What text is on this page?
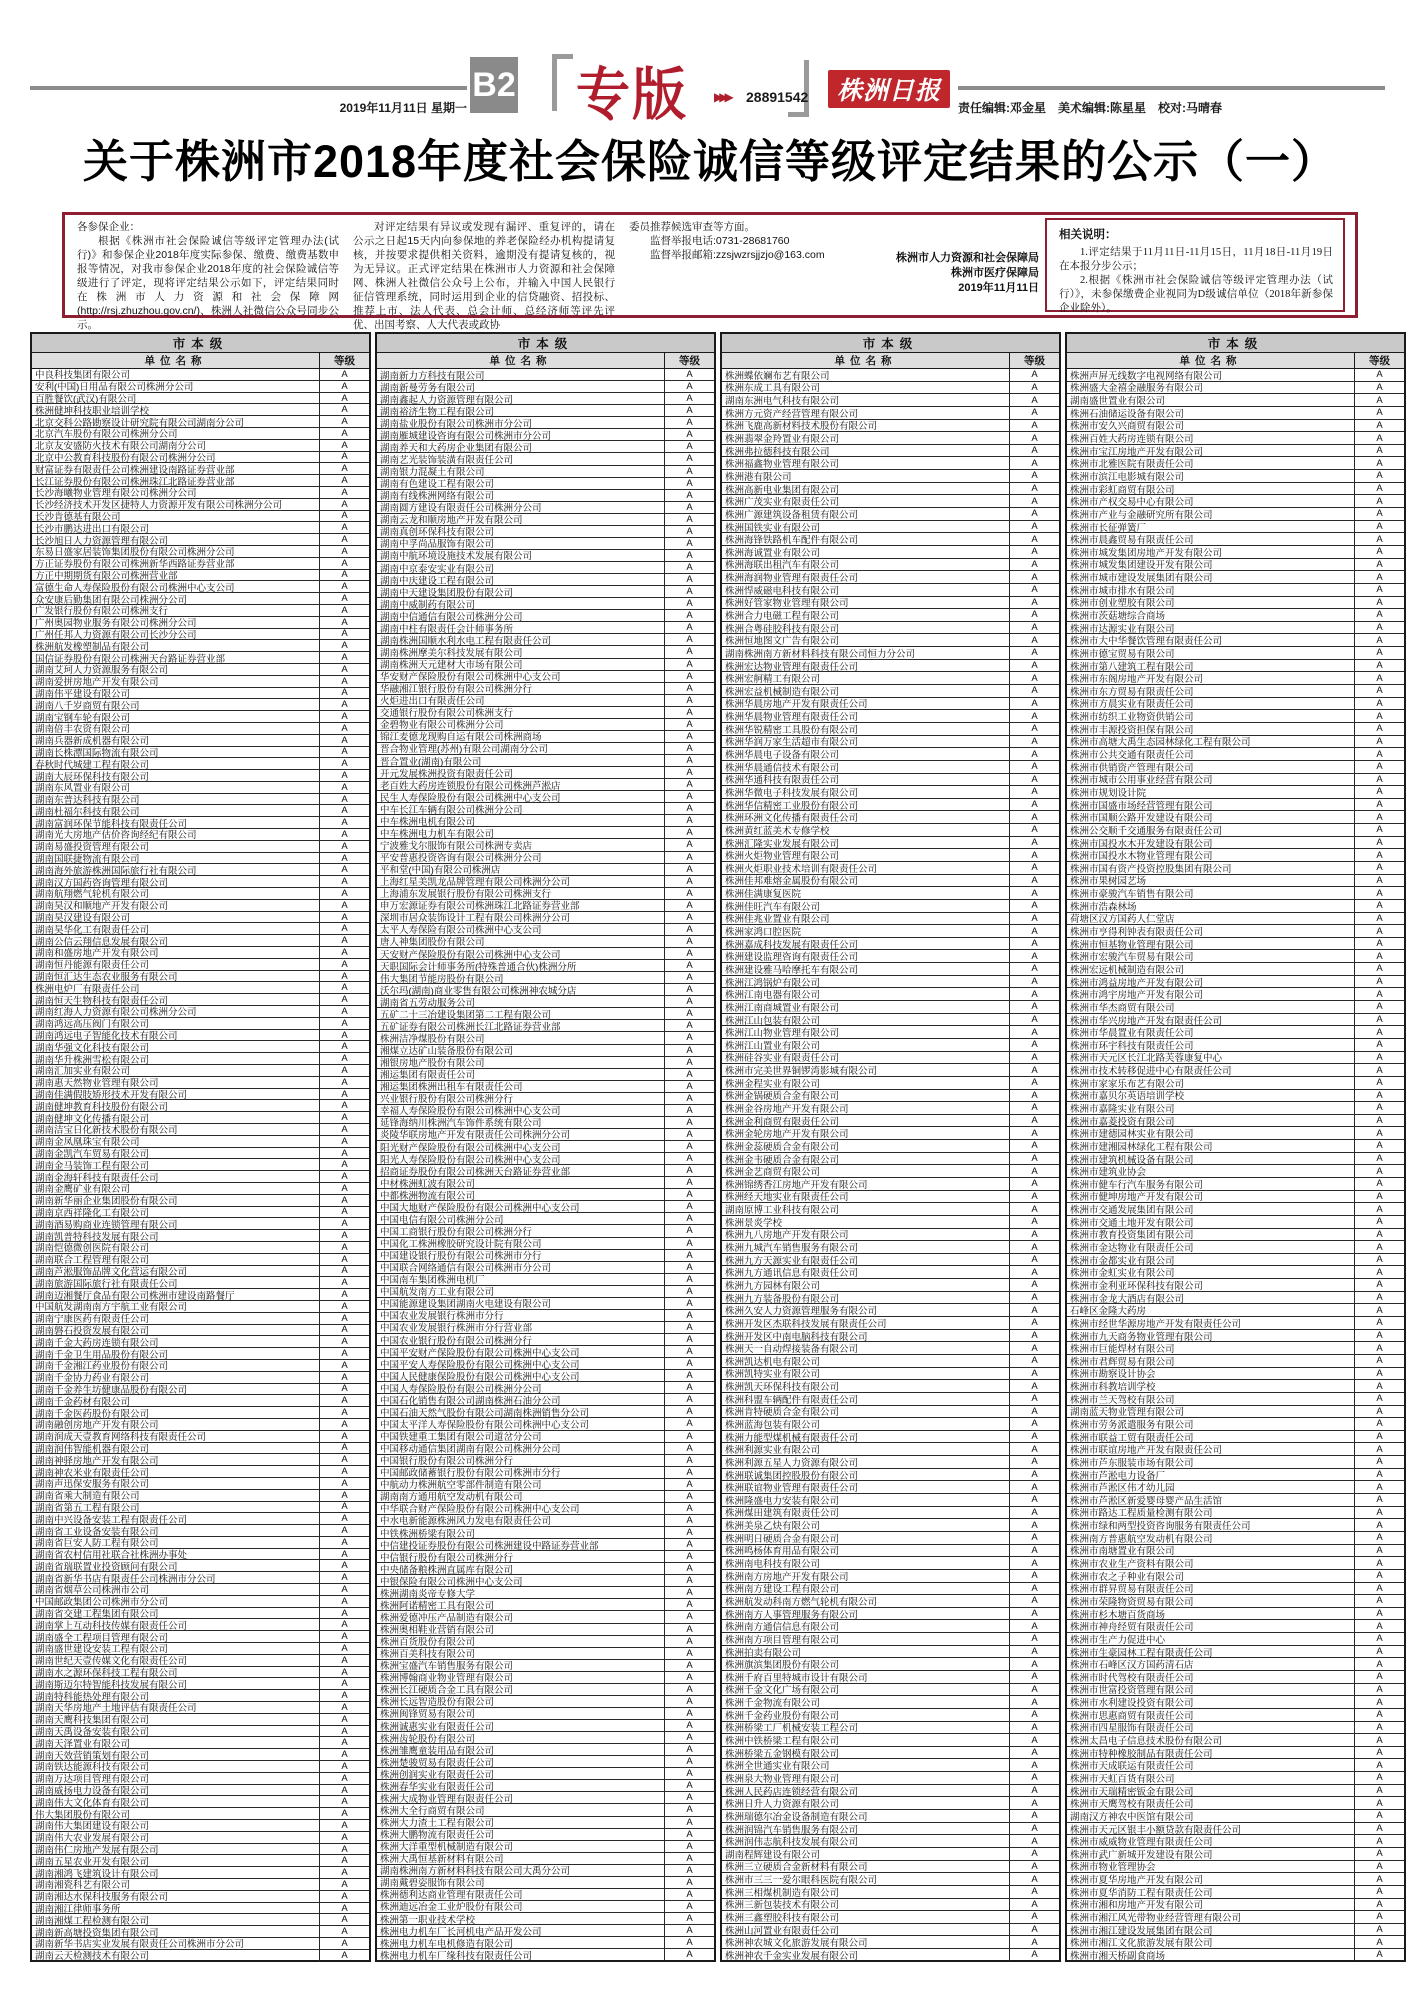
2019年11月11日 星期一
B2 专版 ▶▶▶ 28891542 株洲日报
责任编辑:邓金星　美术编辑:陈星星　校对:马晴春
关于株洲市2018年度社会保险诚信等级评定结果的公示（一）
各参保企业：
根据《株洲市社会保险诚信等级评定管理办法(试行)》和参保企业2018年度实际参保、缴费、缴费基数申报等情况，对我市参保企业2018年度的社会保险诚信等级进行了评定，现将评定结果公示如下，评定结果同时在株洲市人力资源和社会保障网(http://rsj.zhuzhou.gov.cn/)、株洲人社微信公众号同步公示。
对评定结果有异议或发现有漏评、重复评的，请在公示之日起15天内向参保地的养老保险经办机构提请复核，并按要求提供相关资料，逾期没有提请复核的，视为无异议。正式评定结果在株洲市人力资源和社会保障网、株洲人社微信公众号上公布，并输入中国人民银行征信管理系统，同时运用到企业的信贷融资、招投标、推荐上市、法人代表、总会计师、总经济师等评先评优、出国考察、人大代表或政协
委员推荐候选审查等方面。
监督举报电话:0731-28681760
监督举报邮箱:zzsjwzrsjjzjo@163.com	株洲市人力资源和社会保障局
株洲市医疗保障局
2019年11月11日
相关说明：

1.评定结果于11月11日-11月15日，11月18日-11月19日在本报分步公示；

2.根据《株洲市社会保险诚信等级评定管理办法（试行）》，未参保缴费企业视同为D级诚信单位（2018年新参保企业除外）。

市本级
单位名称	等级
中良科技集团有限公司	A
安利(中国)日用品有限公司株洲分公司	A
百胜餐饮(武汉)有限公司	A
株洲健坤科技职业培训学校	A
北京交科公路勘察设计研究院有限公司湖南分公司	A
北京汽车股份有限公司株洲分公司	A
北京友安盛防火技术有限公司湖南分公司	A
北京中公教育科技股份有限公司株洲分公司	A
财富证券有限责任公司株洲建设南路证券营业部	A
长江证券股份有限公司株洲珠江北路证券营业部	A
长沙海曦物业管理有限公司株洲分公司	A
长沙经济技术开发区捷特人力资源开发有限公司株洲分公司	A
长沙肯德基有限公司	A
长沙市鹏达进出口有限公司	A
长沙旭日人力资源管理有限公司	A
东易日盛家居装饰集团股份有限公司株洲分公司	A
方正证券股份有限公司株洲新华西路证券营业部	A
方正中期期货有限公司株洲营业部	A
富德生命人寿保险股份有限公司株洲中心支公司	A
众安康后勤集团有限公司株洲分公司	A
广发银行股份有限公司株洲支行	A
广州奥园物业服务有限公司株洲分公司	A
广州任邦人力资源有限公司长沙分公司	A
株洲航发橡塑制品有限公司	A
国信证券股份有限公司株洲天台路证券营业部	A
湖南艾珂人力资源服务有限公司	A
湖南爱拼房地产开发有限公司	A
湖南伟平建设有限公司	A
湖南八千岁商贸有限公司	A
湖南宝钢车轮有限公司	A
湖南倍丰农资有限公司	A
湖南兵器新成机器有限公司	A
湖南长株潭国际物流有限公司	A
春秋时代城建工程有限公司	A
湖南大辰环保科技有限公司	A
湖南东风置业有限公司	A
湖南东普达科技有限公司	A
湖南杜福尔科技有限公司	A
湖南富润环保节能科技有限责任公司	A
湖南光大房地产估价咨询经纪有限公司	A
湖南易盛投资管理有限公司	A
湖南国联捷物流有限公司	A
湖南海外旅游株洲国际旅行社有限公司	A
湖南汉方国药咨询管理有限公司	A
湖南航翔燃气轮机有限公司	A
湖南昊汉和顺地产开发有限公司	A
湖南昊汉建设有限公司	A
湖南昊华化工有限责任公司	A
湖南公信云翔信息发展有限公司	A
湖南和盛房地产开发有限公司	A
湖南恒丹能源有限责任公司	A
湖南恒汇达生态农业服务有限公司	A
株洲电炉厂有限责任公司	A
湖南恒天生物科技有限责任公司	A
湖南红海人力资源有限公司株洲分公司	A
湖南鸿远高压阀门有限公司	A
湖南鸿远电子智能化技术有限公司	A
湖南华强文化科技有限公司	A
湖南华升株洲雪松有限公司	A
湖南汇加实业有限公司	A
湖南惠天然物业管理有限公司	A
湖南佳满假肢矫形技术开发有限公司	A
湖南健坤教育科技股份有限公司	A
湖南健坤文化传播有限公司	A
湖南洁宝日化新技术股份有限公司	A
湖南金凤凰珠宝有限公司	A
湖南金凯汽车贸易有限公司	A
湖南金马装饰工程有限公司	A
湖南金海轩科技有限责任公司	A
湖南金鹰矿业有限公司	A
湖南新华丽企业集团股份有限公司	A
湖南京西祥隆化工有限公司	A
湖南酒易购商业连锁管理有限公司	A
湖南凯普特科技发展有限公司	A
湖南恺德微创医院有限公司	A
湖南联合工程管理有限公司	A
湖南芦淞服饰品牌文化营运有限公司	A
湖南旅游国际旅行社有限责任公司	A
湖南迈湘餐厅食品有限公司株洲市建设南路餐厅	A
中国航发湖南南方宇航工业有限公司	A
湖南宁康医药有限责任公司	A
湖南磐石投资发展有限公司	A
湖南千金大药房连锁有限公司	A
湖南千金卫生用品股份有限公司	A
湖南千金湘江药业股份有限公司	A
湖南千金协力药业有限公司	A
湖南千金养生坊健康品股份有限公司	A
湖南千金药材有限公司	A
湖南千金医药股份有限公司	A
湖南融创房地产开发有限公司	A
湖南润成天壹教育网络科技有限责任公司	A
湖南润伟智能机器有限公司	A
湖南神驿房地产开发有限公司	A
湖南神农米业有限责任公司	A
湖南声迅保安服务有限公司	A
湖南省乘大制造有限公司	A
湖南省第五工程有限公司	A
湖南中兴设备安装工程有限责任公司	A
湖南省工业设备安装有限公司	A
湖南省巨安人防工程有限公司	A
湖南省农村信用社联合社株洲办事处	A
湖南省瑞联置业投资顾问有限公司	A
湖南省新华书店有限责任公司株洲市分公司	A
湖南省烟草公司株洲市公司	A
中国邮政集团公司株洲市分公司	A
湖南省交建工程集团有限公司	A
湖南掌上互动科技传媒有限责任公司	A
湖南盛全工程项目管理有限公司	A
湖南盛世建设安装工程有限公司	A
湖南世纪天壹传媒文化有限责任公司	A
湖南水之源环保科技工程有限公司	A
湖南斯迈尔特智能科技发展有限公司	A
湖南特科能热处理有限公司	A
湖南天华房地产土地评估有限责任公司	A
湖南天鹰科技集团有限公司	A
湖南天禹设备安装有限公司	A
湖南天泽置业有限公司	A
湖南天效营销策划有限公司	A
湖南铁达能源科技有限公司	A
湖南万达项目管理有限公司	A
湖南威扬电力设备有限公司	A
湖南伟大文化体育有限公司	A
伟大集团股份有限公司	A
湖南伟大集团建设有限公司	A
湖南伟大农业发展有限公司	A
湖南伟仁房地产发展有限公司	A
湖南五星农业开发有限公司	A
湖南湘鸿飞建筑设计有限公司	A
湖南湘瓷科艺有限公司	A
湖南湘达水保科技服务有限公司	A
湖南湘江律师事务所	A
湖南湘煤工程检测有限公司	A
湖南新高塘投资集团有限公司	A
湖南新华书店实业发展有限责任公司株洲市分公司	A
湖南云天检测技术有限公司	A
市本级
单位名称	等级
湖南新力方科技有限公司	A
湖南新曼劳务有限公司	A
湖南鑫起人力资源管理有限公司	A
湖南裕济生物工程有限公司	A
湖南盐业股份有限公司株洲市分公司	A
湖南雁城建设咨询有限公司株洲市分公司	A
湖南养天和大药房企业集团有限公司	A
湖南艺光装饰装潢有限责任公司	A
湖南银力混凝土有限公司	A
湖南有色建设工程有限公司	A
湖南有线株洲网络有限公司	A
湖南圆方建设有限责任公司株洲分公司	A
湖南云龙和顺房地产开发有限公司	A
湖南真创环保科技有限公司	A
湖南中孚尚品服饰有限公司	A
湖南中航环境设施技术发展有限公司	A
湖南中京泰安实业有限公司	A
湖南中庆建设工程有限公司	A
湖南中天建设集团股份有限公司	A
湖南中威制药有限公司	A
湖南中信通信有限公司株洲分公司	A
湖南中柱有限责任会计师事务所	A
湖南株洲国顺水利水电工程有限责任公司	A
湖南株洲摩美尔科技发展有限公司	A
湖南株洲天元建材大市场有限公司	A
华安财产保险股份有限公司株洲中心支公司	A
华融湘江银行股份有限公司株洲分行	A
火炬进出口有限责任公司	A
交通银行股份有限公司株洲支行	A
金碧物业有限公司株洲分公司	A
锦江麦德龙现购自运有限公司株洲商场	A
晋合物业管理(苏州)有限公司湖南分公司	A
晋合置业(湖南)有限公司	A
开元发展株洲投资有限责任公司	A
老百姓大药房连锁股份有限公司株洲芦淞店	A
民生人寿保险股份有限公司株洲中心支公司	A
中车长江车辆有限公司株洲分公司	A
中车株洲电机有限公司	A
中车株洲电力机车有限公司	A
宁波雅戈尔服饰有限公司株洲专卖店	A
平安普惠投资咨询有限公司株洲分公司	A
平和堂(中国)有限公司株洲店	A
上海红星美凯龙品牌管理有限公司株洲分公司	A
上海浦东发展银行股份有限公司株洲支行	A
申万宏源证券有限公司株洲珠江北路证券营业部	A
深圳市居众装饰设计工程有限公司株洲分公司	A
太平人寿保险有限公司株洲中心支公司	A
唐人神集团股份有限公司	A
天安财产保险股份有限公司株洲中心支公司	A
天职国际会计师事务所(特殊普通合伙)株洲分所	A
伟大集团节能房股份有限公司	A
沃尔玛(湖南)商业零售有限公司株洲神农城分店	A
湖南省五劳动服务公司	A
五矿二十三冶建设集团第二工程有限公司	A
五矿证券有限公司株洲长江北路证券营业部	A
株洲洁净煤股份有限公司	A
湘煤立达矿山装备股份有限公司	A
湘银房地产股份有限公司	A
湘运集团有限责任公司	A
湘运集团株洲出租车有限责任公司	A
兴业银行股份有限公司株洲分行	A
幸福人寿保险股份有限公司株洲中心支公司	A
延锋海纳川株洲汽车饰件系统有限公司	A
炎陵华联房地产开发有限责任公司株洲分公司	A
阳光财产保险股份有限公司株洲中心支公司	A
阳光人寿保险股份有限公司株洲中心支公司	A
招商证券股份有限公司株洲天台路证券营业部	A
中材株洲虹波有限公司	A
中都株洲物流有限公司	A
中国大地财产保险股份有限公司株洲中心支公司	A
中国电信有限公司株洲分公司	A
中国工商银行股份有限公司株洲分行	A
中国化工株洲橡胶研究设计院有限公司	A
中国建设银行股份有限公司株洲市分行	A
中国联合网络通信有限公司株洲市分公司	A
中国南车集团株洲电机厂	A
中国航发南方工业有限公司	A
中国能源建设集团湖南火电建设有限公司	A
中国农业发展银行株洲市分行	A
中国农业发展银行株洲市分行营业部	A
中国农业银行股份有限公司株洲分行	A
中国平安财产保险股份有限公司株洲中心支公司	A
中国平安人寿保险股份有限公司株洲中心支公司	A
中国人民健康保险股份有限公司株洲中心支公司	A
中国人寿保险股份有限公司株洲分公司	A
中国石化销售有限公司湖南株洲石油分公司	A
中国石油天然气股份有限公司湖南株洲销售分公司	A
中国太平洋人寿保险股份有限公司株洲中心支公司	A
中国铁建重工集团有限公司道岔分公司	A
中国移动通信集团湖南有限公司株洲分公司	A
中国银行股份有限公司株洲分行	A
中国邮政储蓄银行股份有限公司株洲市分行	A
中航动力株洲航空零部件制造有限公司	A
湖南南方通用航空发动机有限公司	A
中华联合财产保险股份有限公司株洲中心支公司	A
中水电新能源株洲风力发电有限责任公司	A
中铁株洲桥梁有限公司	A
中信建投证券股份有限公司株洲建设中路证券营业部	A
中信银行股份有限公司株洲分行	A
中央储备粮株洲直属库有限公司	A
中银保险有限公司株洲中心支公司	A
株洲湖南炎帝专修大学	A
株洲阿诺精密工具有限公司	A
株洲爱德冲压产品制造有限公司	A
株洲奥相鞋业营销有限公司	A
株洲百货股份有限公司	A
株洲百美科技有限公司	A
株洲宝盛汽车销售服务有限公司	A
株洲博翰商业物业管理有限公司	A
株洲长江硬质合金工具有限公司	A
株洲长远智造股份有限公司	A
株洲闽锋贸易有限公司	A
株洲诚惠实业有限责任公司	A
株洲齿轮股份有限公司	A
株洲雏鹰童装用品有限公司	A
株洲楚骏贸易有限责任公司	A
株洲创润实业有限责任公司	A
株洲春华实业有限责任公司	A
株洲大成物业管理有限责任公司	A
株洲大全行商贸有限公司	A
株洲大力渣土工程有限公司	A
株洲大鹏物流有限责任公司	A
株洲大洋重型机械制造有限公司	A
株洲大禹恒基新材料有限公司	A
湖南株洲南方新材料科技有限公司大禹分公司	A
湖南戴碧姿服饰有限公司	A
株洲德利达商业管理有限责任公司	A
株洲迪远冶金工业炉股份有限公司	A
株洲第一职业技术学校	A
株洲电力机车厂长河机电产品开发公司	A
株洲电力机车电机修造有限公司	A
株洲电力机车厂缘科技有限责任公司	A
市本级
单位名称	等级
株洲蝶依斓布艺有限公司	A
株洲东成工具有限公司	A
湖南东洲电气科技有限公司	A
株洲方元资产经营管理有限公司	A
株洲飞鹿高新材料技术股份有限公司	A
株洲翡翠金羚置业有限公司	A
株洲弗拉德科技有限公司	A
株洲福鑫物业管理有限公司	A
株洲港有限公司	A
株洲高新电业集团有限公司	A
株洲广茂实业有限责任公司	A
株洲广源建筑设备租赁有限公司	A
株洲国铁实业有限公司	A
株洲海锋铁路机车配件有限公司	A
株洲海诚置业有限公司	A
株洲海联出租汽车有限公司	A
株洲海润物业管理有限责任公司	A
株洲悍威磁电科技有限公司	A
株洲好管家物业管理有限公司	A
株洲合力电磁工程有限公司	A
株洲合粤硅胶科技有限公司	A
株洲恒地图文广告有限公司	A
湖南株洲南方新材料科技有限公司恒力分公司	A
株洲宏达物业管理有限责任公司	A
株洲宏舸精工有限公司	A
株洲宏益机械制造有限公司	A
株洲华晨房地产开发有限责任公司	A
株洲华晨物业管理有限责任公司	A
株洲华锐精密工具股份有限公司	A
株洲华润万家生活超市有限公司	A
株洲华晨电子设备有限公司	A
株洲华晨通信技术有限公司	A
株洲华通科技有限责任公司	A
株洲华微电子科技发展有限公司	A
株洲华信精密工业股份有限公司	A
株洲环洲文化传播有限责任公司	A
株洲黄红蓝美术专修学校	A
株洲汇隆实业发展有限公司	A
株洲火炬物业管理有限公司	A
株洲火炬职业技术培训有限责任公司	A
株洲佳邦难熔金属股份有限公司	A
株洲佳满康复医院	A
株洲佳旺汽车有限公司	A
株洲佳兆业置业有限公司	A
株洲家鸿口腔医院	A
株洲嘉成科技发展有限责任公司	A
株洲建设监理咨询有限责任公司	A
株洲建设雅马哈摩托车有限公司	A
株洲江鸿锅炉有限公司	A
株洲江南电器有限公司	A
株洲江南商城置业有限公司	A
株洲江山包装有限公司	A
株洲江山物业管理有限公司	A
株洲江山置业有限公司	A
株洲硅谷实业有限责任公司	A
株洲市完美世界铜锣湾影城有限公司	A
株洲金程实业有限公司	A
株洲金锅硬质合金有限公司	A
株洲金谷房地产开发有限公司	A
株洲金利商贸有限责任公司	A
株洲金轮房地产开发有限公司	A
株洲金蕊硬质合金有限公司	A
株洲金韦硬质合金有限公司	A
株洲金艺商贸有限公司	A
株洲锦绣香江房地产开发有限公司	A
株洲经天地实业有限责任公司	A
湖南原博工业科技有限公司	A
株洲景炎学校	A
株洲九八房地产开发有限公司	A
株洲九城汽车销售服务有限公司	A
株洲九方天源实业有限责任公司	A
株洲九方通讯信息有限责任公司	A
株洲九方园林有限公司	A
株洲九方装备股份有限公司	A
株洲久安人力资源管理服务有限公司	A
株洲开发区杰联科技发展有限责任公司	A
株洲开发区中南电脑科技有限公司	A
株洲天一自动焊接装备有限公司	A
株洲凯达机电有限公司	A
株洲凯特实业有限公司	A
株洲凯天环保科技有限公司	A
株洲科盟车辆配件有限责任公司	A
株洲肯特硬质合金有限公司	A
株洲蓝海包装有限公司	A
株洲力能型煤机械有限责任公司	A
株洲利源实业有限公司	A
株洲利源五星人力资源有限公司	A
株洲联诚集团控股股份有限公司	A
株洲联谊物业管理有限责任公司	A
株洲隆盛电力安装有限公司	A
株洲煤田建筑有限责任公司	A
株洲美泉乙炔有限公司	A
株洲明日硬质合金有限公司	A
株洲鸣杨体育用品有限公司	A
株洲南电科技有限公司	A
株洲南方房地产开发有限公司	A
株洲南方建设工程有限公司	A
株洲航发动科南方燃气轮机有限公司	A
株洲南方人事管理服务有限公司	A
株洲南方通信信息有限公司	A
株洲南方项目管理有限公司	A
株洲拍卖有限公司	A
株洲旗滨集团股份有限公司	A
株洲千府百里特城市设计有限公司	A
株洲千金文化广场有限公司	A
株洲千金物流有限公司	A
株洲千金药业股份有限公司	A
株洲桥梁工厂机械安装工程公司	A
株洲中铁桥梁工程有限公司	A
株洲桥梁五金钢模有限公司	A
株洲全世通实业有限公司	A
株洲泉大物业管理有限公司	A
株洲人民药店连锁经营有限公司	A
株洲日升人力资源有限公司	A
株洲瑞德尔冶金设备制造有限公司	A
株洲润锦汽车销售服务有限公司	A
株洲润伟志航科技发展有限公司	A
湖南程辉建设有限公司	A
株洲三立硬质合金新材料有限公司	A
株洲市三三一爱尔眼科医院有限公司	A
株洲三相煤机制造有限公司	A
株洲三新包装技术有限公司	A
株洲三鑫塑胶科技有限公司	A
株洲山河置业有限责任公司	A
株洲神农城文化旅游发展有限公司	A
株洲神农千金实业发展有限公司	A
市本级
单位名称	等级
株洲声屏无线数字电视网络有限公司	A
株洲盛大金禧金融服务有限公司	A
湖南盛世置业有限公司	A
株洲石油储运设备有限公司	A
株洲市安久兴商贸有限公司	A
株洲百姓大药房连锁有限公司	A
株洲市宝江房地产开发有限公司	A
株洲市北雅医院有限责任公司	A
株洲市滨江电影城有限公司	A
株洲市彩虹商贸有限公司	A
株洲市产权交易中心有限公司	A
株洲市产业与金融研究所有限公司	A
株洲市长征弹簧厂	A
株洲市晨鑫贸易有限责任公司	A
株洲市城发集团房地产开发有限公司	A
株洲市城发集团建设开发有限公司	A
株洲市城市建设发展集团有限公司	A
株洲市城市排水有限公司	A
株洲市创业塑胶有限公司	A
株洲市茨菇塘综合商场	A
株洲市达源实业有限公司	A
株洲市大中华餐饮管理有限责任公司	A
株洲市德宝贸易有限公司	A
株洲市第八建筑工程有限公司	A
株洲市东阁房地产开发有限公司	A
株洲市东方贸易有限责任公司	A
株洲市方晨实业有限责任公司	A
株洲市纺织工业物资供销公司	A
株洲市丰源投资担保有限公司	A
株洲市高塘大禹生态园林绿化工程有限公司	A
株洲市公共交通有限责任公司	A
株洲市供销资产管理有限公司	A
株洲市城市公用事业经营有限公司	A
株洲市规划设计院	A
株洲市国盛市场经营管理有限公司	A
株洲市国顺公路开发建设有限公司	A
株洲公交顺千交通服务有限责任公司	A
株洲市国投水木开发建设有限公司	A
株洲市国投水木物业管理有限公司	A
株洲市国有资产投资控股集团有限公司	A
株洲市果树园艺场	A
株洲市豪骏汽车销售有限公司	A
株洲市浩森林场	A
荷塘区汉方国药人仁堂店	A
株洲市亨得利钟表有限责任公司	A
株洲市恒基物业管理有限公司	A
株洲市宏骏汽车贸易有限公司	A
株洲宏远机械制造有限公司	A
株洲市鸿益房地产开发有限公司	A
株洲市鸿宇房地产开发有限公司	A
株洲市华杰商贸有限公司	A
株洲市华兴房地产开发有限责任公司	A
株洲市华晨置业有限责任公司	A
株洲市环宇科技有限责任公司	A
株洲市天元区长江北路芙蓉康复中心	A
株洲市技术转移促进中心有限责任公司	A
株洲市家家乐布艺有限公司	A
株洲市嘉贝尔英语培训学校	A
株洲市嘉隆实业有限公司	A
株洲市嘉菱投资有限公司	A
株洲市建德园林实业有限公司	A
株洲市建湘园林绿化工程有限公司	A
株洲市建筑机械设备有限公司	A
株洲市建筑业协会	A
株洲市健车行汽车服务有限公司	A
株洲市健坤房地产开发有限公司	A
株洲市交通发展集团有限公司	A
株洲市交通土地开发有限公司	A
株洲市教育投资集团有限公司	A
株洲市金达物业有限责任公司	A
株洲市金都实业有限公司	A
株洲市金虹实业有限公司	A
株洲市金利亚环保科技有限公司	A
株洲市金龙大酒店有限公司	A
石峰区金隆大药房	A
株洲市经世华源房地产开发有限责任公司	A
株洲市九天商务物业管理有限公司	A
株洲市巨能焊材有限公司	A
株洲市君辉贸易有限公司	A
株洲市勘察设计协会	A
株洲市科教培训学校	A
株洲市兰天驾校有限公司	A
湖南蓝天物业管理有限公司	A
株洲市劳务派遣服务有限公司	A
株洲市联益工贸有限责任公司	A
株洲市联谊房地产开发有限责任公司	A
株洲市芦东服装市场有限公司	A
株洲市芦淞电力设备厂	A
株洲市芦淞区伟才幼儿园	A
株洲市芦淞区新爱婴母婴产品生活馆	A
株洲市路达工程质量检测有限公司	A
株洲市绿和两型投资咨询服务有限责任公司	A
株洲南方普惠航空发动机有限公司	A
株洲市南塘置业有限公司	A
株洲市农业生产资料有限公司	A
株洲市农之子种业有限公司	A
株洲市群昇贸易有限责任公司	A
株洲市荣隆物资贸易有限公司	A
株洲市杉木塘百货商场	A
株洲市神舟经贸有限责任公司	A
株洲市生产力促进中心	A
株洲市生豪园林工程有限责任公司	A
株洲市石峰区汉方国药清石店	A
株洲市时代驾校有限责任公司	A
株洲市世富投资管理有限公司	A
株洲市水利建设投资有限公司	A
株洲市思惠商贸有限责任公司	A
株洲市四星服饰有限责任公司	A
株洲太昌电子信息技术股份有限公司	A
株洲市特种橡胶制品有限责任公司	A
株洲市天成联运有限责任公司	A
株洲市天虹百货有限公司	A
株洲市天瑞精密钣金有限公司	A
株洲市天鹰驾校有限责任公司	A
湖南汉方神农中医馆有限公司	A
株洲市天元区银丰小额贷款有限责任公司	A
株洲市威威物业管理有限责任公司	A
株洲市武广新城开发建设有限公司	A
株洲市物业管理协会	A
株洲市夏华房地产开发有限公司	A
株洲市夏华消防工程有限责任公司	A
株洲市湘和房地产开发有限公司	A
株洲市湘江风光带物业经营管理有限公司	A
株洲市湘江建设发展集团有限公司	A
株洲市湘江文化旅游发展有限公司	A
株洲市湘天桥副食商场	A
